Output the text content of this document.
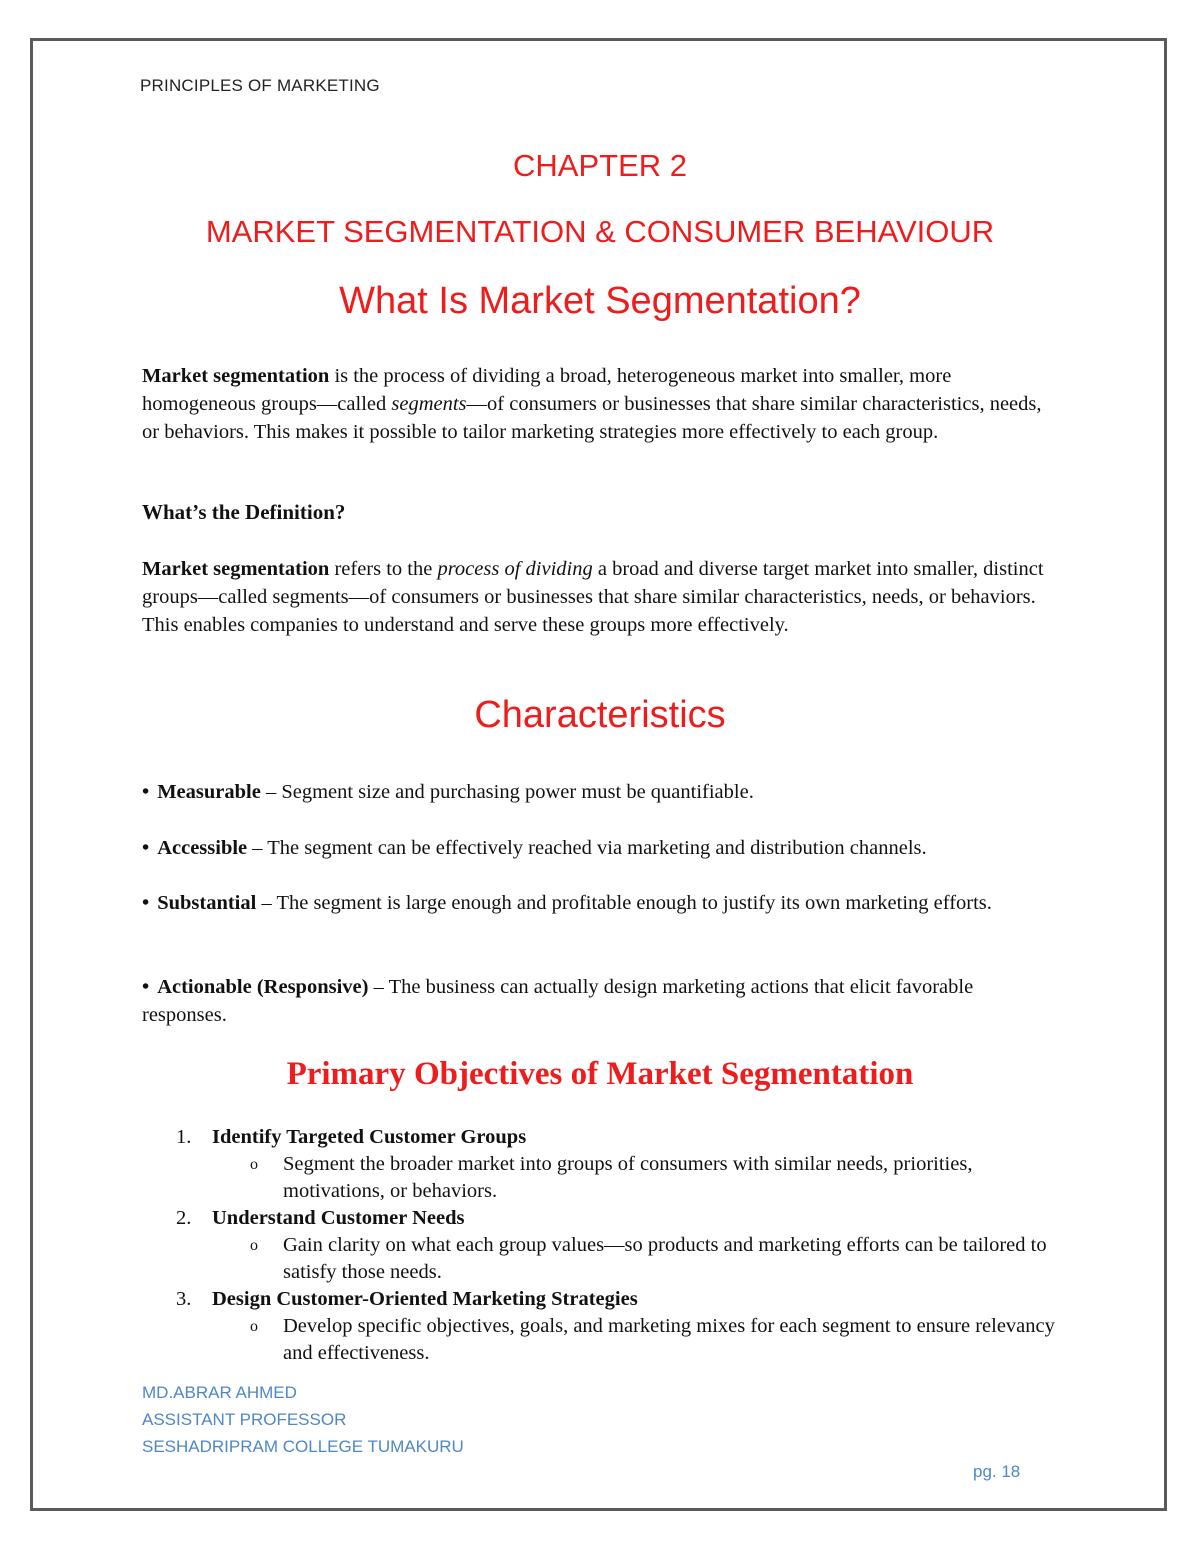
PRINCIPLES OF MARKETING
CHAPTER 2
MARKET SEGMENTATION & CONSUMER BEHAVIOUR
What Is Market Segmentation?
Market segmentation is the process of dividing a broad, heterogeneous market into smaller, more homogeneous groups—called segments—of consumers or businesses that share similar characteristics, needs, or behaviors. This makes it possible to tailor marketing strategies more effectively to each group.
What’s the Definition?
Market segmentation refers to the process of dividing a broad and diverse target market into smaller, distinct groups—called segments—of consumers or businesses that share similar characteristics, needs, or behaviors. This enables companies to understand and serve these groups more effectively.
Characteristics
• Measurable – Segment size and purchasing power must be quantifiable.
• Accessible – The segment can be effectively reached via marketing and distribution channels.
• Substantial – The segment is large enough and profitable enough to justify its own marketing efforts.
• Actionable (Responsive) – The business can actually design marketing actions that elicit favorable responses.
Primary Objectives of Market Segmentation
1. Identify Targeted Customer Groups
o Segment the broader market into groups of consumers with similar needs, priorities, motivations, or behaviors.
2. Understand Customer Needs
o Gain clarity on what each group values—so products and marketing efforts can be tailored to satisfy those needs.
3. Design Customer-Oriented Marketing Strategies
o Develop specific objectives, goals, and marketing mixes for each segment to ensure relevancy and effectiveness.
MD.ABRAR AHMED
ASSISTANT PROFESSOR
SESHADRIPRAM COLLEGE TUMAKURU
pg. 18
